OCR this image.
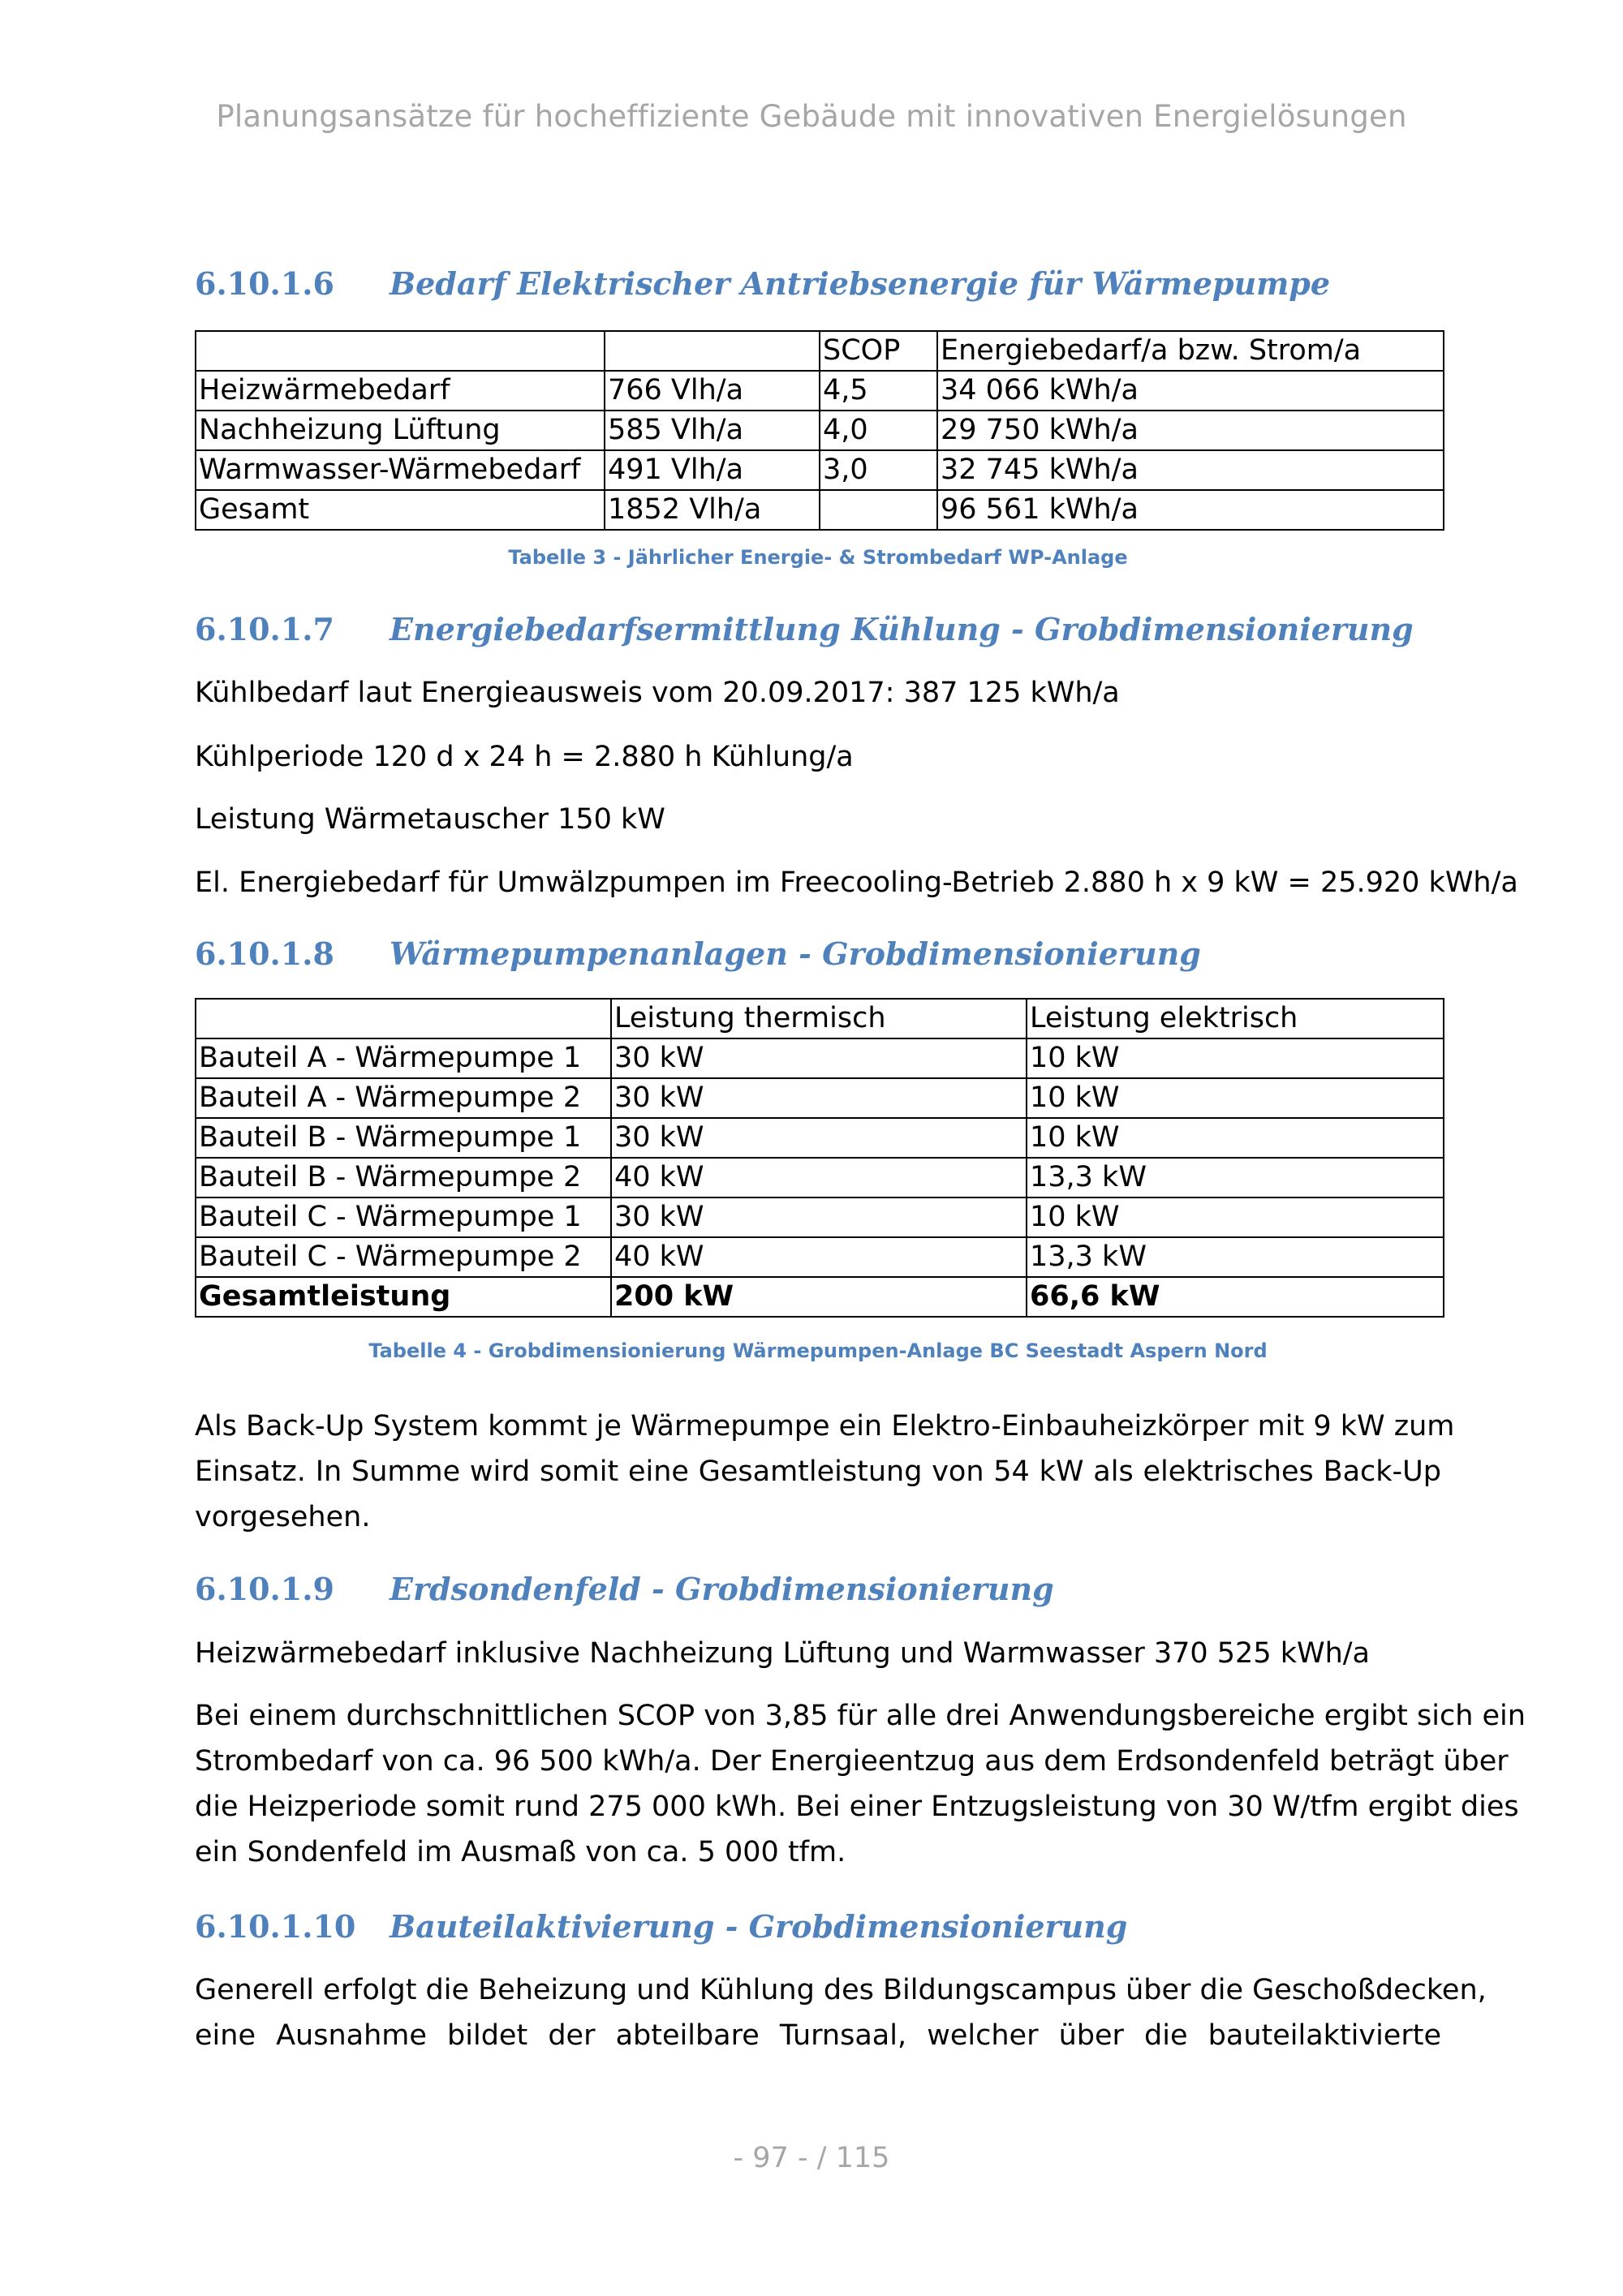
Planungsansätze für hocheffiziente Gebäude mit innovativen Energielösungen
6.10.1.6 Bedarf Elektrischer Antriebsenergie für Wärmepumpe
		SCOP	Energiebedarf/a bzw. Strom/a
Heizwärmebedarf	766 Vlh/a	4,5	34 066 kWh/a
Nachheizung Lüftung	585 Vlh/a	4,0	29 750 kWh/a
Warmwasser-Wärmebedarf	491 Vlh/a	3,0	32 745 kWh/a
Gesamt	1852 Vlh/a		96 561 kWh/a
Tabelle 3 - Jährlicher Energie- & Strombedarf WP-Anlage
6.10.1.7 Energiebedarfsermittlung Kühlung - Grobdimensionierung
Kühlbedarf laut Energieausweis vom 20.09.2017: 387 125 kWh/a
Kühlperiode 120 d x 24 h = 2.880 h Kühlung/a
Leistung Wärmetauscher 150 kW
El. Energiebedarf für Umwälzpumpen im Freecooling-Betrieb 2.880 h x 9 kW = 25.920 kWh/a
6.10.1.8 Wärmepumpenanlagen - Grobdimensionierung
	Leistung thermisch	Leistung elektrisch
Bauteil A - Wärmepumpe 1	30 kW	10 kW
Bauteil A - Wärmepumpe 2	30 kW	10 kW
Bauteil B - Wärmepumpe 1	30 kW	10 kW
Bauteil B - Wärmepumpe 2	40 kW	13,3 kW
Bauteil C - Wärmepumpe 1	30 kW	10 kW
Bauteil C - Wärmepumpe 2	40 kW	13,3 kW
Gesamtleistung	200 kW	66,6 kW
Tabelle 4 - Grobdimensionierung Wärmepumpen-Anlage BC Seestadt Aspern Nord
Als Back-Up System kommt je Wärmepumpe ein Elektro-Einbauheizkörper mit 9 kW zum
Einsatz. In Summe wird somit eine Gesamtleistung von 54 kW als elektrisches Back-Up
vorgesehen.
6.10.1.9 Erdsondenfeld - Grobdimensionierung
Heizwärmebedarf inklusive Nachheizung Lüftung und Warmwasser 370 525 kWh/a
Bei einem durchschnittlichen SCOP von 3,85 für alle drei Anwendungsbereiche ergibt sich ein
Strombedarf von ca. 96 500 kWh/a. Der Energieentzug aus dem Erdsondenfeld beträgt über
die Heizperiode somit rund 275 000 kWh. Bei einer Entzugsleistung von 30 W/tfm ergibt dies
ein Sondenfeld im Ausmaß von ca. 5 000 tfm.
6.10.1.10 Bauteilaktivierung - Grobdimensionierung
Generell erfolgt die Beheizung und Kühlung des Bildungscampus über die Geschoßdecken,
eine Ausnahme bildet der abteilbare Turnsaal, welcher über die bauteilaktivierte
- 97 - / 115
